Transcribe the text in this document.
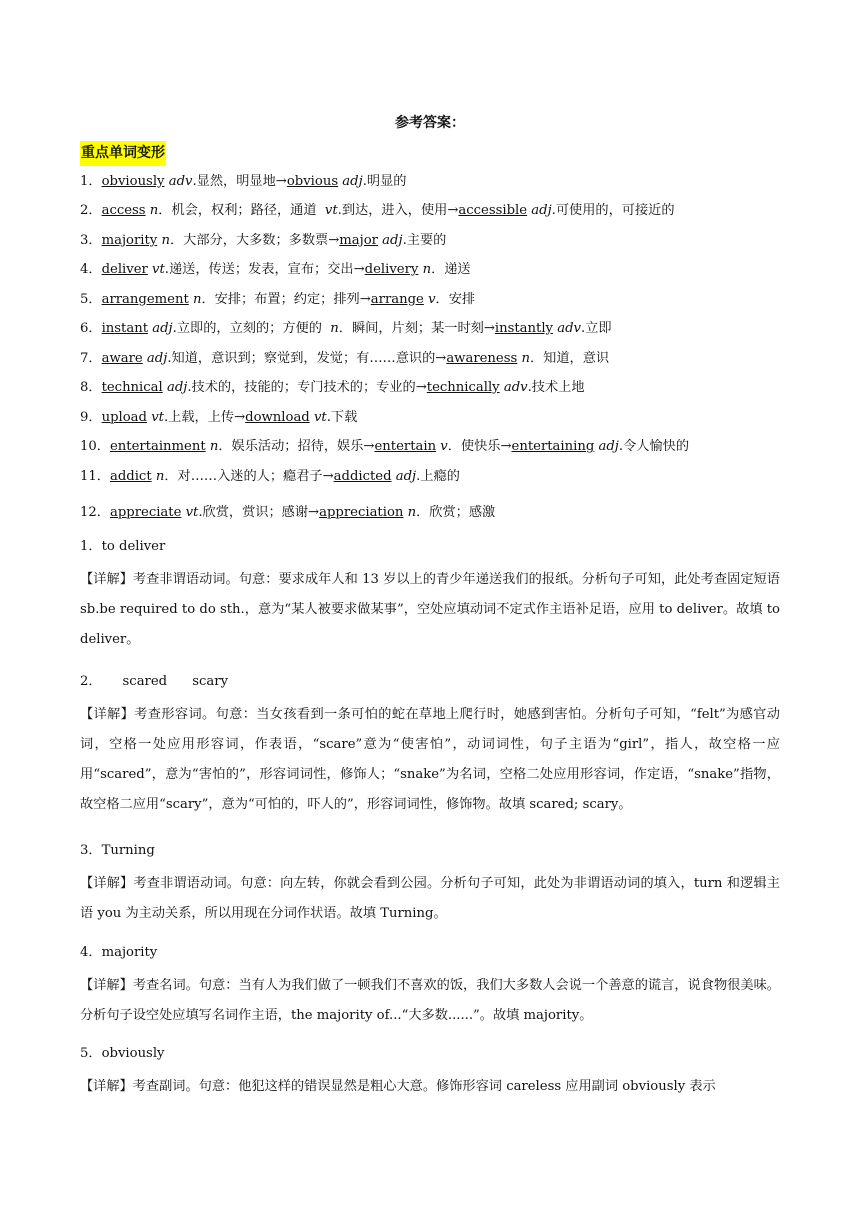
参考答案：
重点单词变形
1．obviously adv.显然，明显地→obvious adj.明显的
2．access n．机会，权利；路径，通道  vt.到达，进入，使用→accessible adj.可使用的，可接近的
3．majority n．大部分，大多数；多数票→major adj.主要的
4．deliver vt.递送，传送；发表，宣布；交出→delivery n．递送
5．arrangement n．安排；布置；约定；排列→arrange v．安排
6．instant adj.立即的，立刻的；方便的  n．瞬间，片刻；某一时刻→instantly adv.立即
7．aware adj.知道，意识到；察觉到，发觉；有……意识的→awareness n．知道，意识
8．technical adj.技术的，技能的；专门技术的；专业的→technically adv.技术上地
9．upload vt.上载，上传→download vt.下载
10．entertainment n．娱乐活动；招待，娱乐→entertain v．使快乐→entertaining adj.令人愉快的
11．addict n．对……入迷的人；瘾君子→addicted adj.上瘾的
12．appreciate vt.欣赏，赏识；感谢→appreciation n．欣赏；感激
1．to deliver
【详解】考查非谓语动词。句意：要求成年人和 13 岁以上的青少年递送我们的报纸。分析句子可知，此处考查固定短语 sb.be required to do sth.，意为“某人被要求做某事”，空处应填动词不定式作主语补足语，应用 to deliver。故填 to deliver。
2．     scared      scary
【详解】考查形容词。句意：当女孩看到一条可怕的蛇在草地上爬行时，她感到害怕。分析句子可知，“felt”为感官动词，空格一处应用形容词，作表语，“scare”意为“使害怕”，动词词性，句子主语为“girl”，指人，故空格一应用“scared”，意为“害怕的”，形容词词性，修饰人；“snake”为名词，空格二处应用形容词，作定语，“snake”指物，故空格二应用“scary”，意为“可怕的，吓人的”，形容词词性，修饰物。故填 scared; scary。
3．Turning
【详解】考查非谓语动词。句意：向左转，你就会看到公园。分析句子可知，此处为非谓语动词的填入，turn 和逻辑主语 you 为主动关系，所以用现在分词作状语。故填 Turning。
4．majority
【详解】考查名词。句意：当有人为我们做了一顿我们不喜欢的饭，我们大多数人会说一个善意的谎言，说食物很美味。分析句子设空处应填写名词作主语，the majority of...“大多数......”。故填 majority。
5．obviously
【详解】考查副词。句意：他犯这样的错误显然是粗心大意。修饰形容词 careless 应用副词 obviously 表示
